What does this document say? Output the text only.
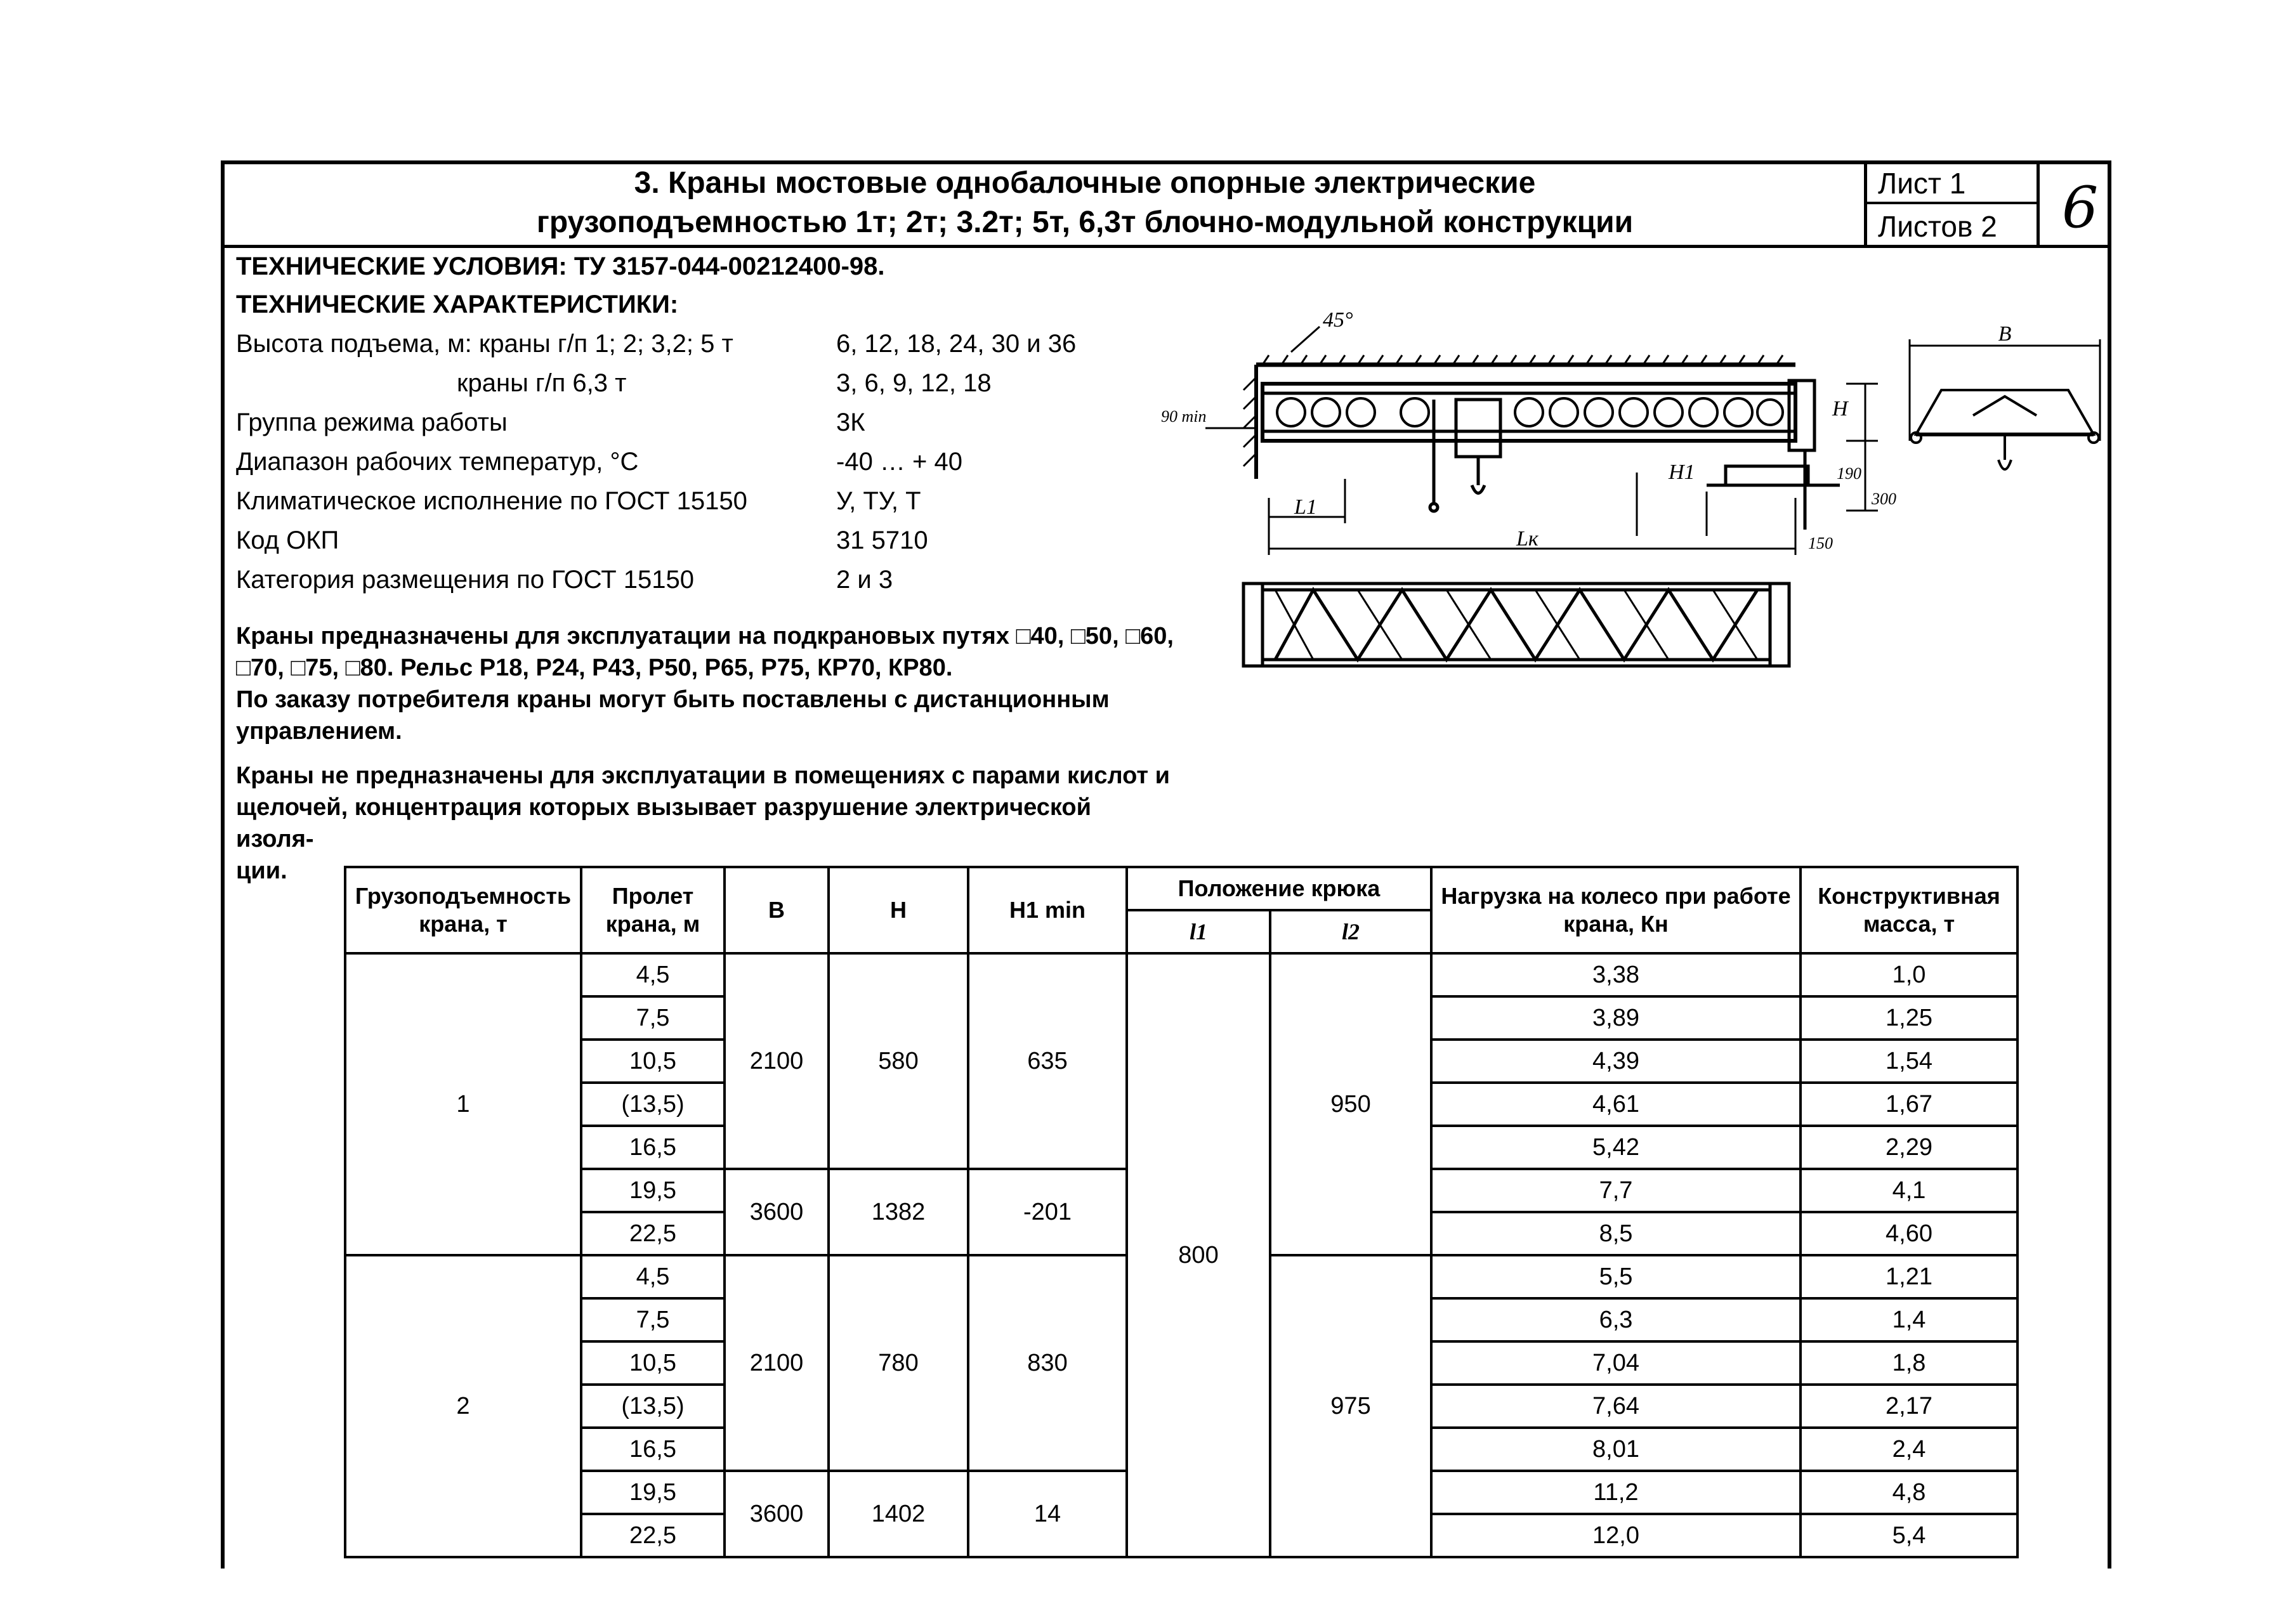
3. Краны мостовые однобалочные опорные электрические
грузоподъемностью 1т; 2т; 3.2т; 5т, 6,3т блочно-модульной конструкции
Лист 1
Листов 2 6
ТЕХНИЧЕСКИЕ УСЛОВИЯ: ТУ 3157-044-00212400-98.
ТЕХНИЧЕСКИЕ ХАРАКТЕРИСТИКИ:
Высота подъема, м: краны г/п 1; 2; 3,2; 5 т	6, 12, 18, 24, 30 и 36
краны г/п 6,3 т	3, 6, 9, 12, 18
Группа режима работы	3К
Диапазон рабочих температур, °С	-40 … + 40
Климатическое исполнение по ГОСТ 15150	У, ТУ, Т
Код ОКП	31 5710
Категория размещения по ГОСТ 15150	2 и 3
Краны предназначены для эксплуатации на подкрановых путях □40, □50, □60,
□70, □75, □80. Рельс Р18, Р24, Р43, Р50, Р65, Р75, КР70, КР80.
По заказу потребителя краны могут быть поставлены с дистанционным
управлением.
Краны не предназначены для эксплуатации в помещениях с парами кислот и
щелочей, концентрация которых вызывает разрушение электрической изоля-
ции.
45°
H
H1
Lк
L1
150
300
190
90 min
B
Грузоподъемность крана, т	Пролет крана, м	В	Н	Н1 min	Положение крюка		Нагрузка на колесо при работе крана, Кн	Конструктивная масса, т
					l1	l2		
1	4,5	2100	580	635	800	950	3,38	1,0
	7,5						3,89	1,25
	10,5						4,39	1,54
	(13,5)						4,61	1,67
	16,5						5,42	2,29
	19,5	3600	1382	-201			7,7	4,1
	22,5						8,5	4,60
2	4,5	2100	780	830		975	5,5	1,21
	7,5						6,3	1,4
	10,5						7,04	1,8
	(13,5)						7,64	2,17
	16,5						8,01	2,4
	19,5	3600	1402	14			11,2	4,8
	22,5						12,0	5,4
